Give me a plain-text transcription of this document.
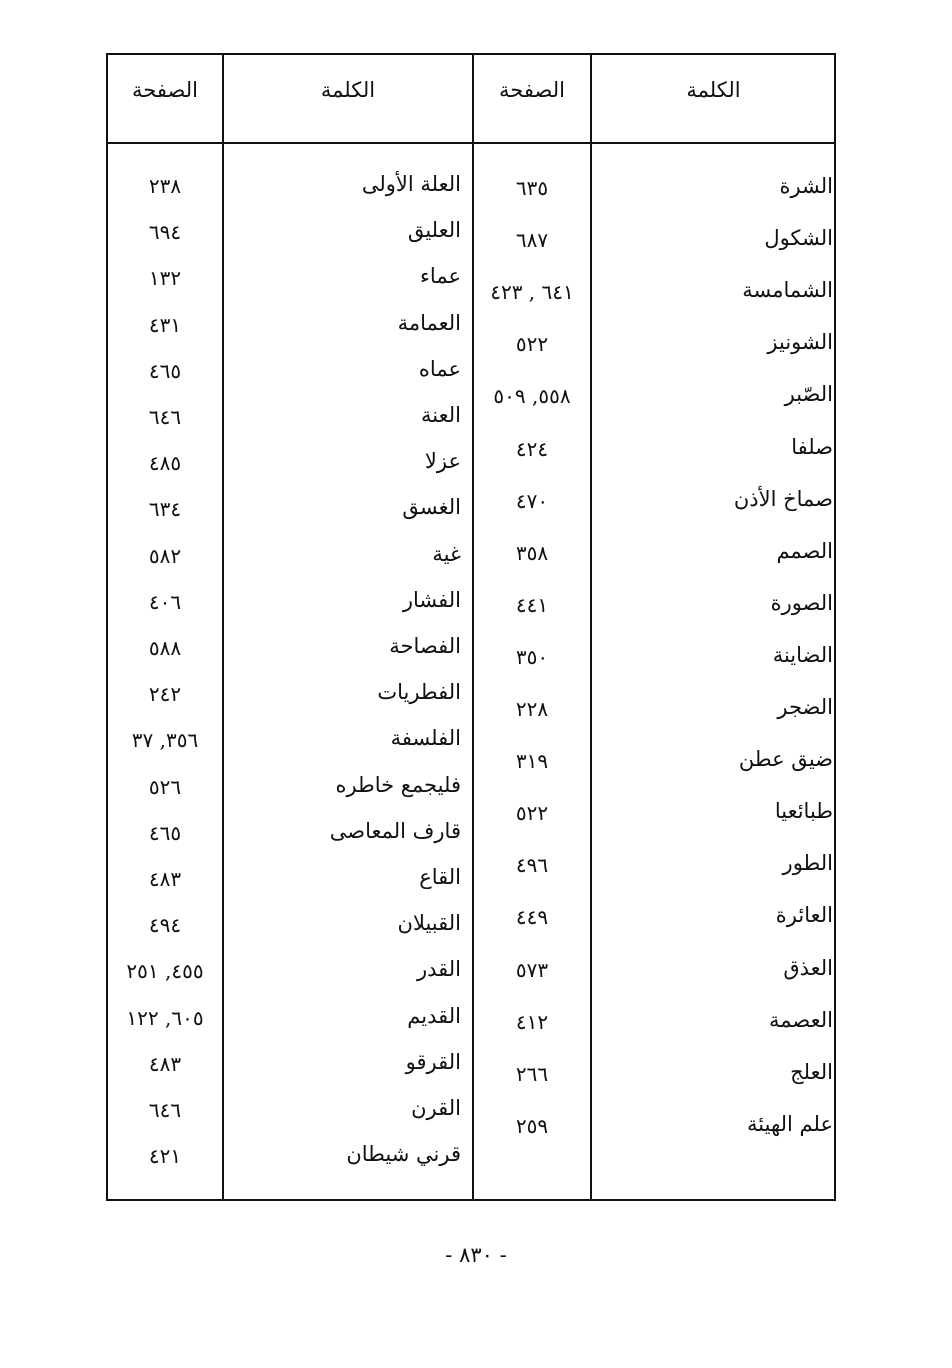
الكلمة
الصفحة
الكلمة
الصفحة
- ٨٣٠ -
الشرة
٦٣٥
الشكول
٦٨٧
الشمامسة
٦٤١ , ٤٢٣
الشونيز
٥٢٢
الصّبر
٥٥٨, ٥٠٩
صلفا
٤٢٤
صماخ الأذن
٤٧٠
الصمم
٣٥٨
الصورة
٤٤١
الضاينة
٣٥٠
الضجر
٢٢٨
ضيق عطن
٣١٩
طبائعيا
٥٢٢
الطور
٤٩٦
العائرة
٤٤٩
العذق
٥٧٣
العصمة
٤١٢
العلج
٢٦٦
علم الهيئة
٢٥٩
العلة الأولى
٢٣٨
العليق
٦٩٤
عماء
١٣٢
العمامة
٤٣١
عماه
٤٦٥
العنة
٦٤٦
عزلا
٤٨٥
الغسق
٦٣٤
غية
٥٨٢
الفشار
٤٠٦
الفصاحة
٥٨٨
الفطريات
٢٤٢
الفلسفة
٣٥٦, ٣٧
فليجمع خاطره
٥٢٦
قارف المعاصى
٤٦٥
القاع
٤٨٣
القبيلان
٤٩٤
القدر
٤٥٥, ٢٥١
القديم
٦٠٥, ١٢٢
القرقو
٤٨٣
القرن
٦٤٦
قرني شيطان
٤٢١
